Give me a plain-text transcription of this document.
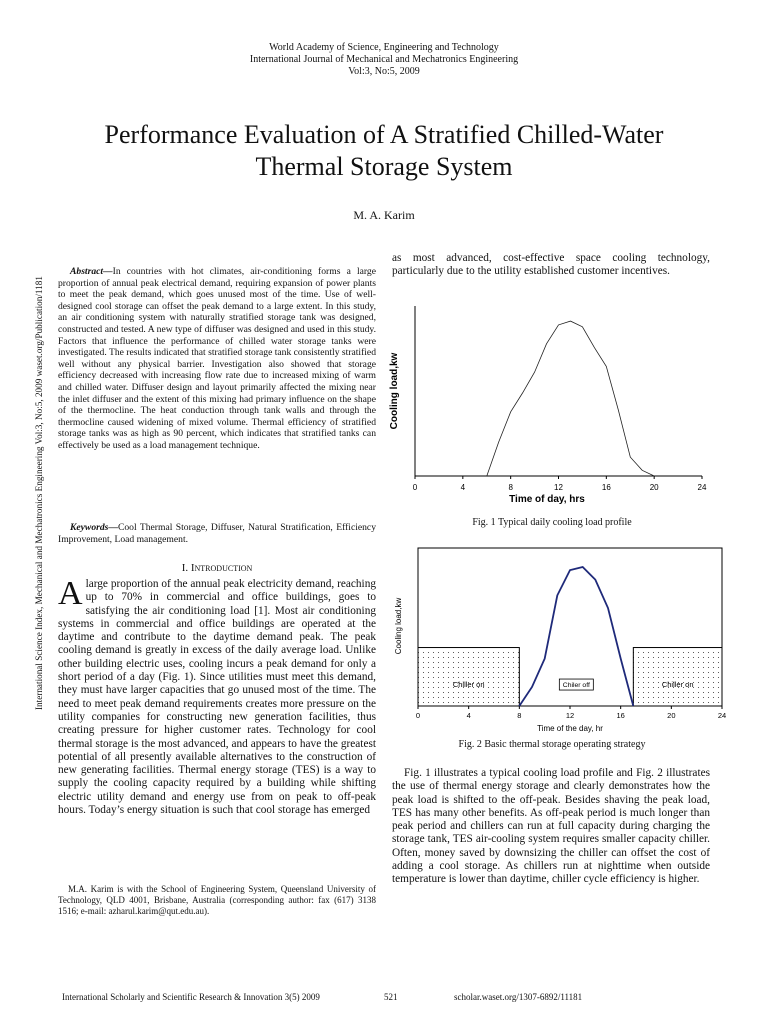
World Academy of Science, Engineering and Technology
International Journal of Mechanical and Mechatronics Engineering
Vol:3, No:5, 2009
Performance Evaluation of A Stratified Chilled-Water Thermal Storage System
M. A. Karim
International Science Index, Mechanical and Mechatronics Engineering Vol:3, No:5, 2009 waset.org/Publication/1181
Abstract—In countries with hot climates, air-conditioning forms a large proportion of annual peak electrical demand, requiring expansion of power plants to meet the peak demand, which goes unused most of the time. Use of well-designed cool storage can offset the peak demand to a large extent. In this study, an air conditioning system with naturally stratified storage tank was designed, constructed and tested. A new type of diffuser was designed and used in this study. Factors that influence the performance of chilled water storage tanks were investigated. The results indicated that stratified storage tank consistently stratified well without any physical barrier. Investigation also showed that storage efficiency decreased with increasing flow rate due to increased mixing of warm and chilled water. Diffuser design and layout primarily affected the mixing near the inlet diffuser and the extent of this mixing had primary influence on the shape of the thermocline. The heat conduction through tank walls and through the thermocline caused widening of mixed volume. Thermal efficiency of stratified storage tanks was as high as 90 percent, which indicates that stratified tanks can effectively be used as a load management technique.
Keywords—Cool Thermal Storage, Diffuser, Natural Stratification, Efficiency Improvement, Load management.
I. Introduction
Alarge proportion of the annual peak electricity demand, reaching up to 70% in commercial and office buildings, goes to satisfying the air conditioning load [1]. Most air conditioning systems in commercial and office buildings are operated at the daytime and contribute to the daytime demand peak. The peak cooling demand is greatly in excess of the daily average load. Unlike other building electric uses, cooling incurs a peak demand for only a short period of a day (Fig. 1). Since utilities must meet this demand, they must have larger capacities that go unused most of the time. The need to meet peak demand requirements creates more pressure on the utility companies for constructing new generation facilities, thus creating pressure for higher customer rates. Technology for cool thermal storage is the most advanced, and appears to have the greatest potential of all presently available alternatives to the construction of new generating facilities. Thermal energy storage (TES) is a way to supply the cooling capacity required by a building while shifting electric utility demand and energy use from on peak to off-peak hours. Today’s energy situation is such that cool storage has emerged
M.A. Karim is with the School of Engineering System, Queensland University of Technology, QLD 4001, Brisbane, Australia (corresponding author: fax (617) 3138 1516; e-mail: azharul.karim@qut.edu.au).
as most advanced, cost-effective space cooling technology, particularly due to the utility established customer incentives.
0	4	8	12	16	20	24
Cooling load,kw
Time of day, hrs
Fig. 1 Typical daily cooling load profile
Chiller on	Chiler off	Chiller on
0	4	8	12	16	20	24
Cooling load,kw
Time of the day, hr
Fig. 2 Basic thermal storage operating strategy
Fig. 1 illustrates a typical cooling load profile and Fig. 2 illustrates the use of thermal energy storage and clearly demonstrates how the peak load is shifted to the off-peak. Besides shaving the peak load, TES has many other benefits. As off-peak period is much longer than peak period and chillers can run at full capacity during charging the storage tank, TES air-cooling system requires smaller capacity chiller. Often, money saved by downsizing the chiller can offset the cost of adding a cool storage. As chillers run at nighttime when outside temperature is lower than daytime, chiller cycle efficiency is higher.
International Scholarly and Scientific Research & Innovation 3(5) 2009	521	scholar.waset.org/1307-6892/11181
